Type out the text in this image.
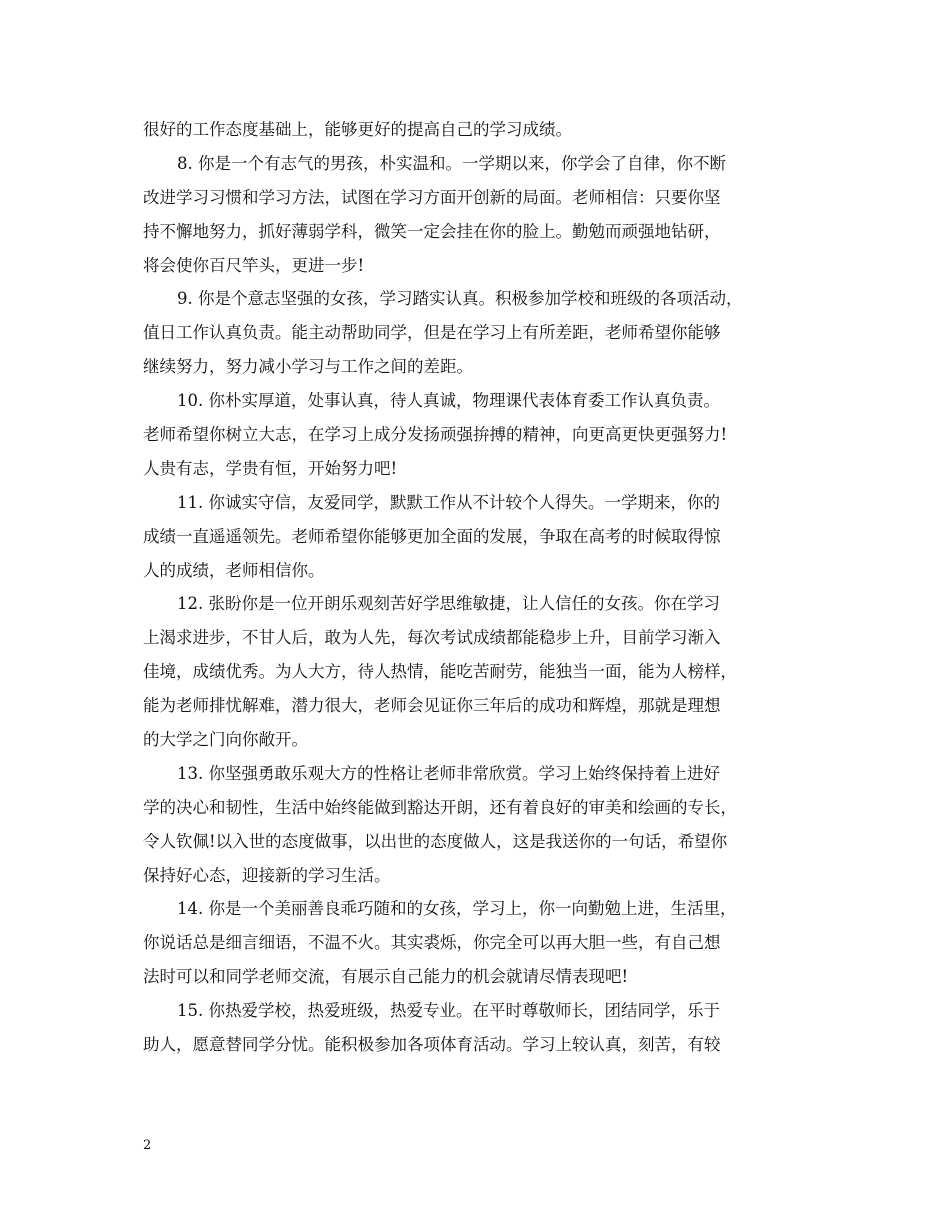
很好的工作态度基础上，能够更好的提高自己的学习成绩。
8. 你是一个有志气的男孩，朴实温和。一学期以来，你学会了自律，你不断
改进学习习惯和学习方法，试图在学习方面开创新的局面。老师相信：只要你坚
持不懈地努力，抓好薄弱学科，微笑一定会挂在你的脸上。勤勉而顽强地钻研，
将会使你百尺竿头，更进一步!
9. 你是个意志坚强的女孩，学习踏实认真。积极参加学校和班级的各项活动，
值日工作认真负责。能主动帮助同学，但是在学习上有所差距，老师希望你能够
继续努力，努力减小学习与工作之间的差距。
10. 你朴实厚道，处事认真，待人真诚，物理课代表体育委工作认真负责。
老师希望你树立大志，在学习上成分发扬顽强拚搏的精神，向更高更快更强努力!
人贵有志，学贵有恒，开始努力吧!
11. 你诚实守信，友爱同学，默默工作从不计较个人得失。一学期来，你的
成绩一直遥遥领先。老师希望你能够更加全面的发展，争取在高考的时候取得惊
人的成绩，老师相信你。
12. 张盼你是一位开朗乐观刻苦好学思维敏捷，让人信任的女孩。你在学习
上渴求进步，不甘人后，敢为人先，每次考试成绩都能稳步上升，目前学习渐入
佳境，成绩优秀。为人大方，待人热情，能吃苦耐劳，能独当一面，能为人榜样，
能为老师排忧解难，潜力很大，老师会见证你三年后的成功和辉煌，那就是理想
的大学之门向你敞开。
13. 你坚强勇敢乐观大方的性格让老师非常欣赏。学习上始终保持着上进好
学的决心和韧性，生活中始终能做到豁达开朗，还有着良好的审美和绘画的专长，
令人钦佩!以入世的态度做事，以出世的态度做人，这是我送你的一句话，希望你
保持好心态，迎接新的学习生活。
14. 你是一个美丽善良乖巧随和的女孩，学习上，你一向勤勉上进，生活里，
你说话总是细言细语，不温不火。其实裘烁，你完全可以再大胆一些，有自己想
法时可以和同学老师交流，有展示自己能力的机会就请尽情表现吧!
15. 你热爱学校，热爱班级，热爱专业。在平时尊敬师长，团结同学，乐于
助人，愿意替同学分忧。能积极参加各项体育活动。学习上较认真，刻苦，有较
2
